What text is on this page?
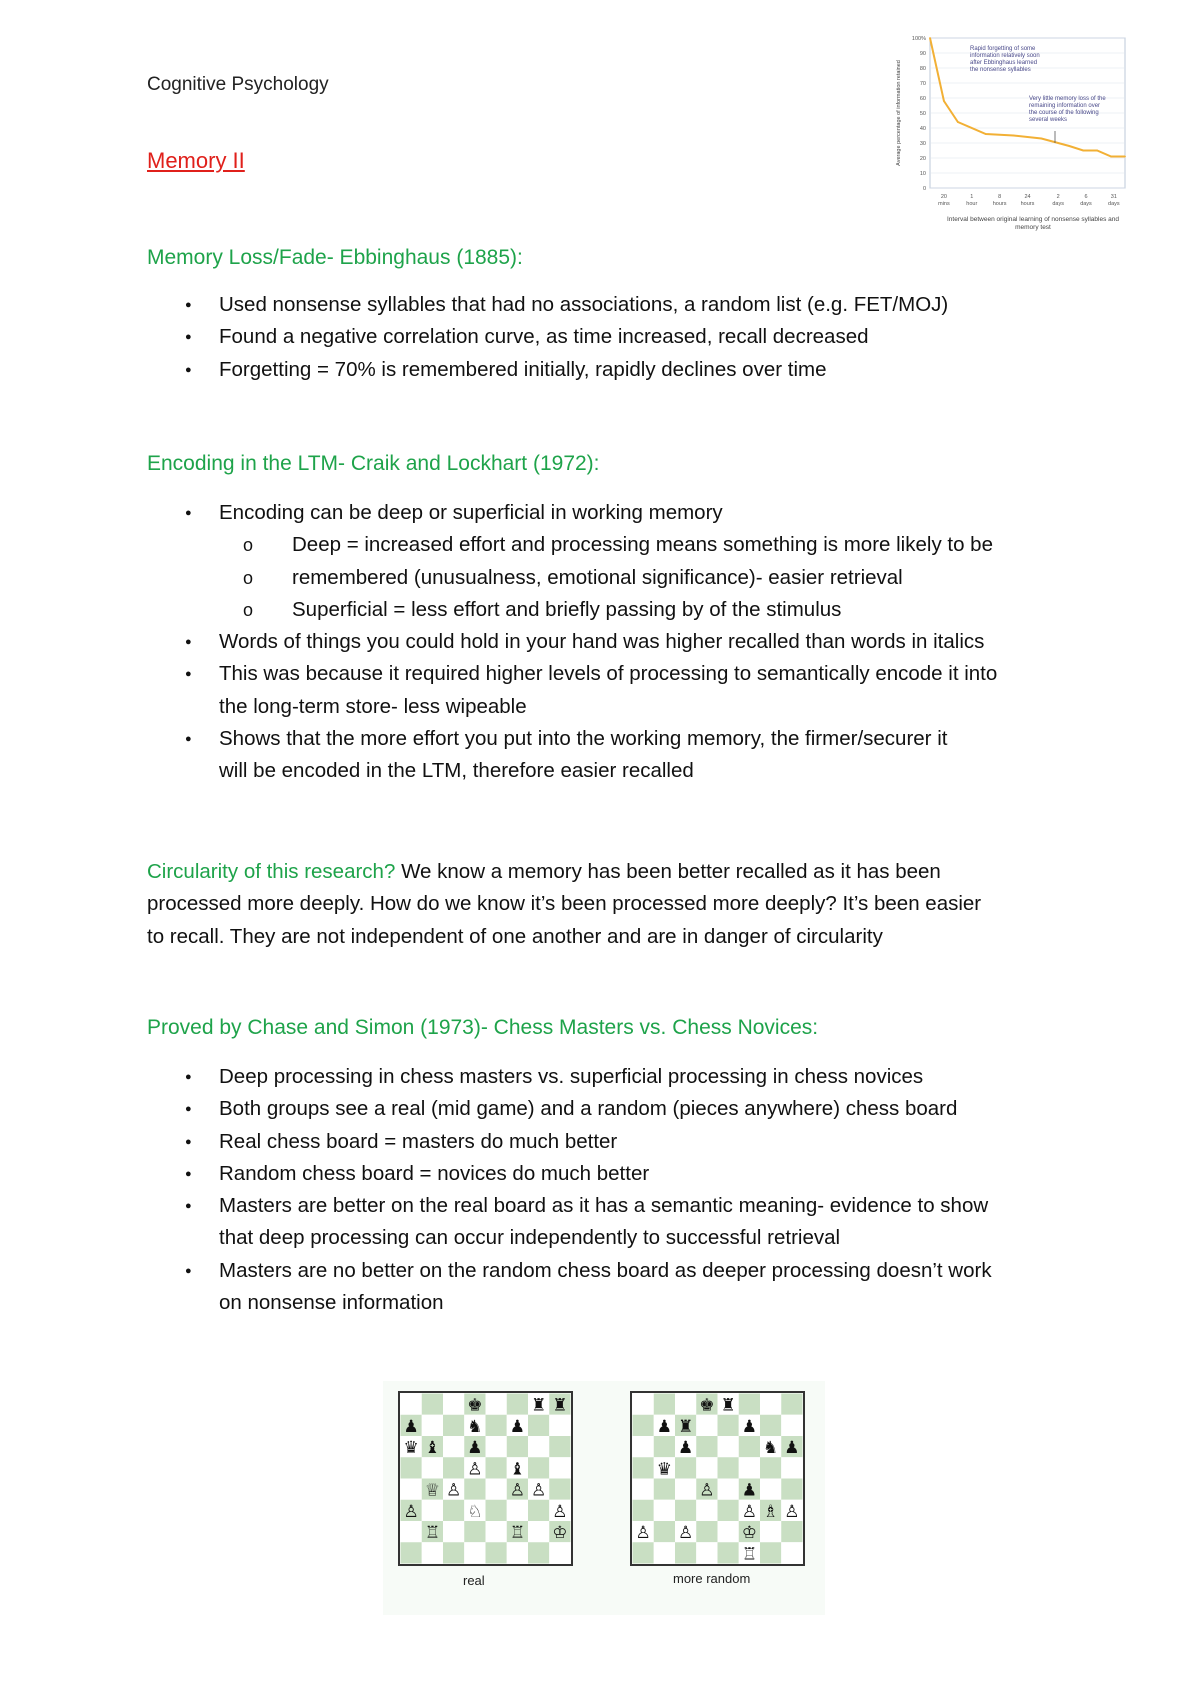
Cognitive Psychology
Memory II
0
10
20
30
40
50
60
70
80
90
100%
20
mins
1
hour
8
hours
24
hours
2
days
6
days
31
days
Rapid forgetting of some
information relatively soon
after Ebbinghaus learned
the nonsense syllables
Very little memory loss of the
remaining information over
the course of the following
several weeks
Average percentage of information retained
Interval between original learning of nonsense syllables and memory test
Memory Loss/Fade- Ebbinghaus (1885):
● Used nonsense syllables that had no associations, a random list (e.g. FET/MOJ)
● Found a negative correlation curve, as time increased, recall decreased
● Forgetting = 70% is remembered initially, rapidly declines over time
Encoding in the LTM- Craik and Lockhart (1972):
● Encoding can be deep or superficial in working memory
o Deep = increased effort and processing means something is more likely to be
o remembered (unusualness, emotional significance)- easier retrieval
o Superficial = less effort and briefly passing by of the stimulus
● Words of things you could hold in your hand was higher recalled than words in italics
● This was because it required higher levels of processing to semantically encode it into
the long-term store- less wipeable
● Shows that the more effort you put into the working memory, the firmer/securer it
will be encoded in the LTM, therefore easier recalled
Circularity of this research? We know a memory has been better recalled as it has been
processed more deeply. How do we know it’s been processed more deeply? It’s been easier
to recall. They are not independent of one another and are in danger of circularity
Proved by Chase and Simon (1973)- Chess Masters vs. Chess Novices:
● Deep processing in chess masters vs. superficial processing in chess novices
● Both groups see a real (mid game) and a random (pieces anywhere) chess board
● Real chess board = masters do much better
● Random chess board = novices do much better
● Masters are better on the real board as it has a semantic meaning- evidence to show
that deep processing can occur independently to successful retrieval
● Masters are no better on the random chess board as deeper processing doesn’t work
on nonsense information
♚	♜ ♜
♟	♞ ♟
♛ ♝ ♟
♙ ♝
♕ ♙	♙ ♙
♙	♘	♙
♖	♖ ♔
♚ ♜
♟ ♜	♟
♟	♞ ♟
♛
♙ ♟
♙ ♗ ♙
♙ ♙	♔
♖
real	more random
